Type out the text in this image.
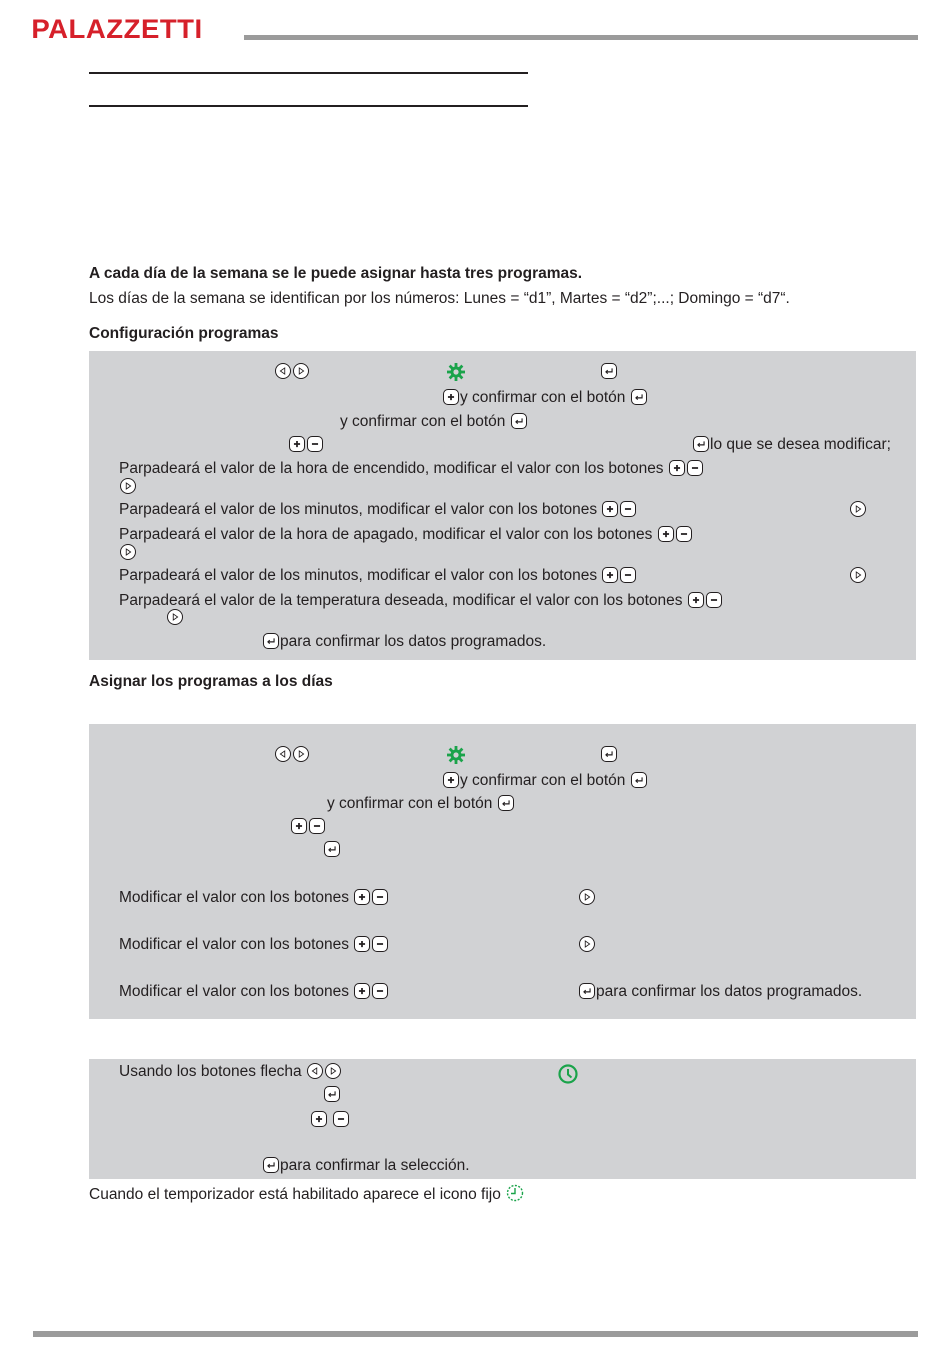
PALAZZETTI
A cada día de la semana se le puede asignar hasta tres programas.
Los días de la semana se identifican por los números: Lunes = “d1”, Martes = “d2”;...; Domingo = “d7“.
Configuración programas
y confirmar con el botón
y confirmar con el botón
lo que se desea modificar;
Parpadeará el valor de la hora de encendido, modificar el valor con los botones
Parpadeará el valor de los minutos, modificar el valor con los botones
Parpadeará el valor de la hora de apagado, modificar el valor con los botones
Parpadeará el valor de los minutos, modificar el valor con los botones
Parpadeará el valor de la temperatura deseada, modificar el valor con los botones
para confirmar los datos programados.
Asignar los programas a los días
y confirmar con el botón
y confirmar con el botón
Modificar el valor con los botones
Modificar el valor con los botones
Modificar el valor con los botones	para confirmar los datos programados.
Usando los botones flecha

para confirmar la selección.
Cuando el temporizador está habilitado aparece el icono fijo
